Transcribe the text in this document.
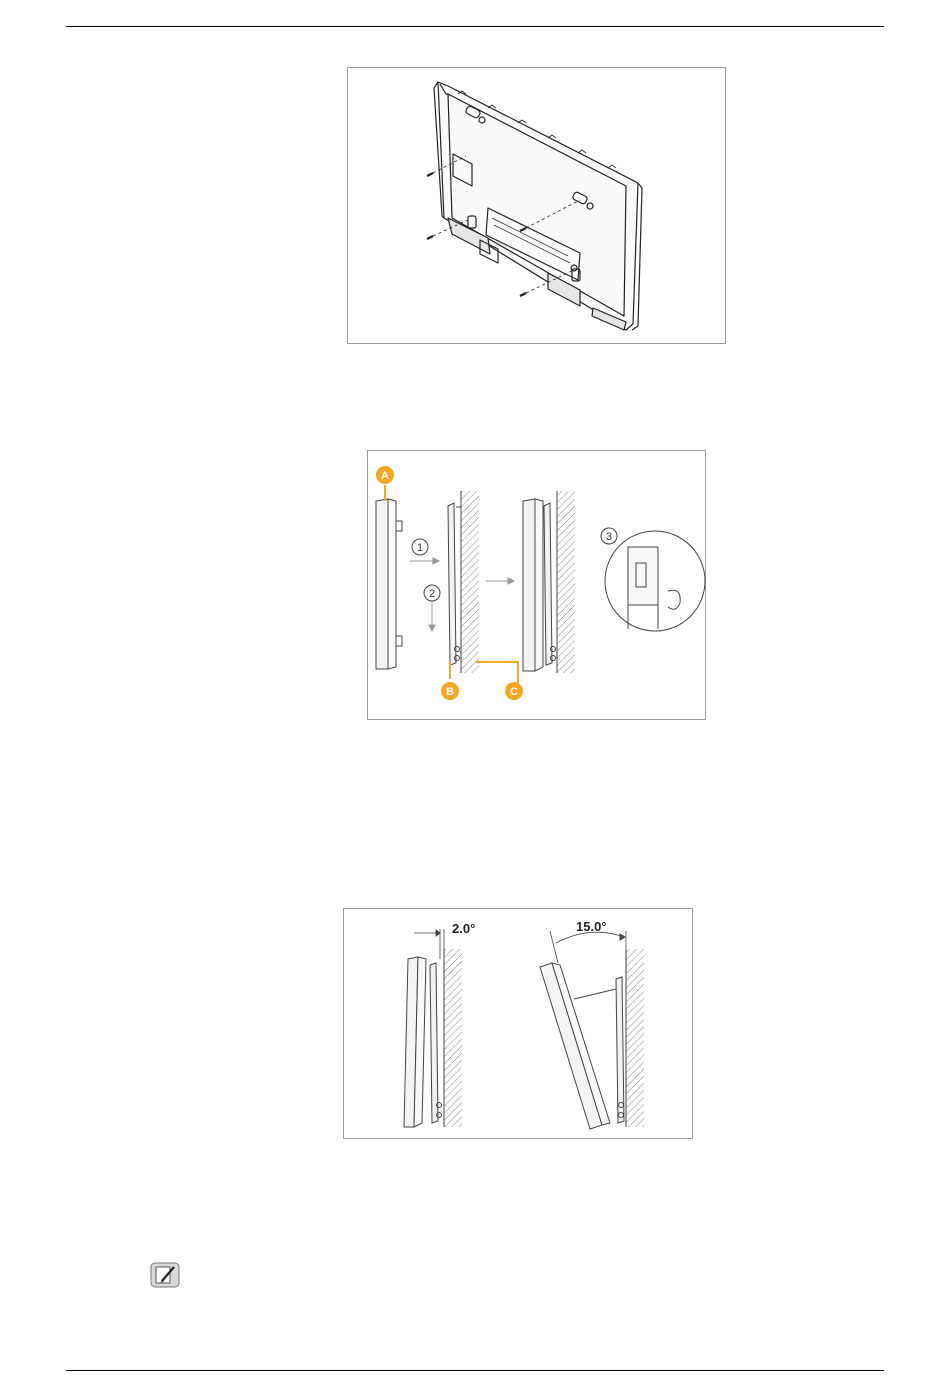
1
2
3
A
B	C
2.0°	15.0°
